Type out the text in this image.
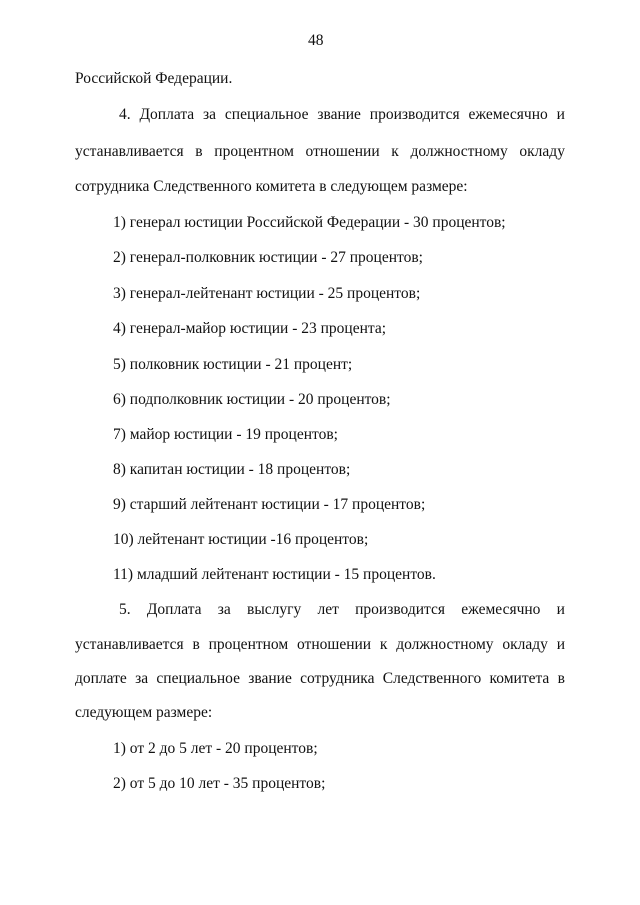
48
Российской Федерации.
4. Доплата за специальное звание производится ежемесячно и
устанавливается в процентном отношении к должностному окладу
сотрудника Следственного комитета в следующем размере:
1) генерал юстиции Российской Федерации - 30 процентов;
2) генерал-полковник юстиции - 27 процентов;
3) генерал-лейтенант юстиции - 25 процентов;
4) генерал-майор юстиции - 23 процента;
5) полковник юстиции - 21 процент;
6) подполковник юстиции - 20 процентов;
7) майор юстиции - 19 процентов;
8) капитан юстиции - 18 процентов;
9) старший лейтенант юстиции - 17 процентов;
10) лейтенант юстиции -16 процентов;
11) младший лейтенант юстиции - 15 процентов.
5. Доплата за выслугу лет производится ежемесячно и
устанавливается в процентном отношении к должностному окладу и
доплате за специальное звание сотрудника Следственного комитета в
следующем размере:
1) от 2 до 5 лет - 20 процентов;
2) от 5 до 10 лет - 35 процентов;
